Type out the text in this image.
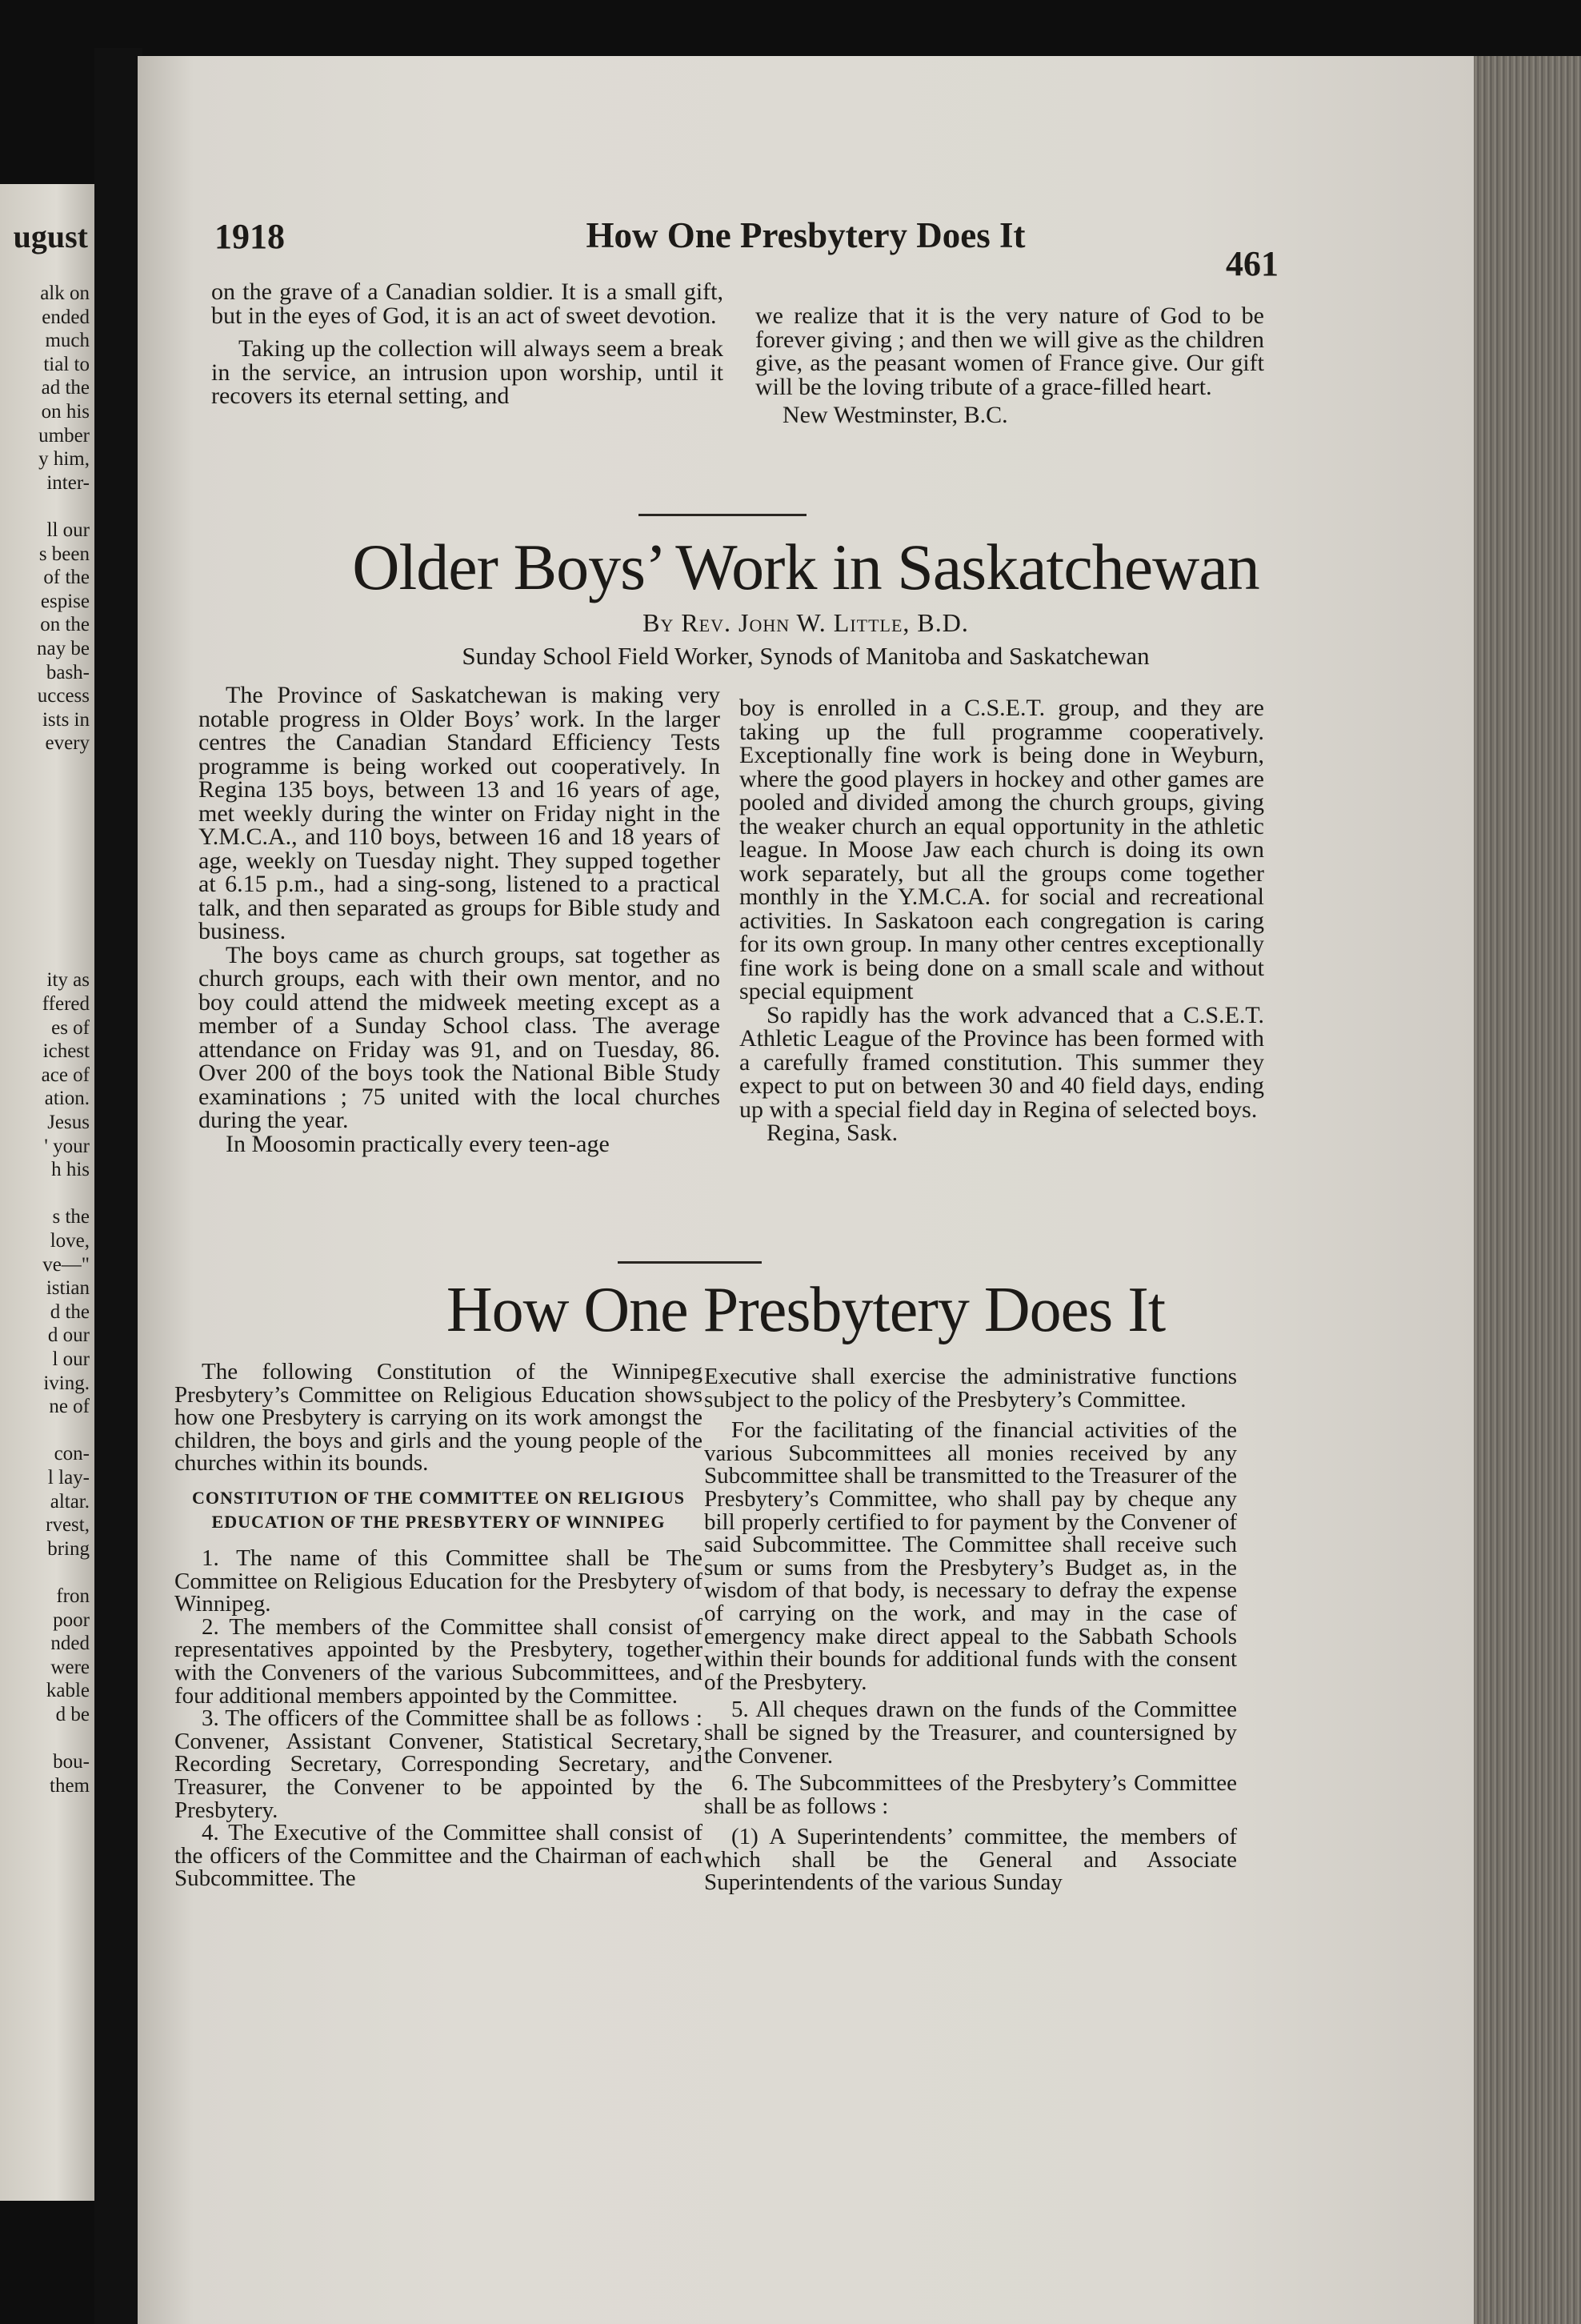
ugust
alk on
ended
much
tial to
ad the
on his
umber
y him,
inter-
ll our
s been
of the
espise
on the
nay be
bash-
uccess
ists in
every
ity as
ffered
es of
ichest
ace of
ation.
Jesus
' your
h his
s the
love,
ve—"
istian
d the
d our
l our
iving.
ne of
con-
l lay-
altar.
rvest,
bring
fron
poor
nded
were
kable
d be
bou-
them
1918	How One Presbytery Does It
461

on the grave of a Canadian soldier. It is a small gift, but in the eyes of God, it is an act of sweet devotion.

Taking up the collection will always seem a break in the service, an intrusion upon worship, until it recovers its eternal setting, and

we realize that it is the very nature of God to be forever giving ; and then we will give as the children give, as the peasant women of France give. Our gift will be the loving tribute of a grace-filled heart.

New Westminster, B.C.

Older Boys’ Work in Saskatchewan
By Rev. John W. Little, B.D.
Sunday School Field Worker, Synods of Manitoba and Saskatchewan

The Province of Saskatchewan is making very notable progress in Older Boys’ work. In the larger centres the Canadian Standard Efficiency Tests programme is being worked out cooperatively. In Regina 135 boys, between 13 and 16 years of age, met weekly during the winter on Friday night in the Y.M.C.A., and 110 boys, between 16 and 18 years of age, weekly on Tuesday night. They supped together at 6.15 p.m., had a sing-song, listened to a practical talk, and then separated as groups for Bible study and business.

The boys came as church groups, sat together as church groups, each with their own mentor, and no boy could attend the midweek meeting except as a member of a Sunday School class. The average attendance on Friday was 91, and on Tuesday, 86. Over 200 of the boys took the National Bible Study examinations ; 75 united with the local churches during the year.

In Moosomin practically every teen-age

boy is enrolled in a C.S.E.T. group, and they are taking up the full programme cooperatively. Exceptionally fine work is being done in Weyburn, where the good players in hockey and other games are pooled and divided among the church groups, giving the weaker church an equal opportunity in the athletic league. In Moose Jaw each church is doing its own work separately, but all the groups come together monthly in the Y.M.C.A. for social and recreational activities. In Saskatoon each congregation is caring for its own group. In many other centres exceptionally fine work is being done on a small scale and without special equipment

So rapidly has the work advanced that a C.S.E.T. Athletic League of the Province has been formed with a carefully framed constitution. This summer they expect to put on between 30 and 40 field days, ending up with a special field day in Regina of selected boys.

Regina, Sask.

How One Presbytery Does It

The following Constitution of the Winnipeg Presbytery’s Committee on Religious Education shows how one Presbytery is carrying on its work amongst the children, the boys and girls and the young people of the churches within its bounds.

CONSTITUTION OF THE COMMITTEE ON RELIGIOUS EDUCATION OF THE PRESBYTERY OF WINNIPEG

1. The name of this Committee shall be The Committee on Religious Education for the Presbytery of Winnipeg.

2. The members of the Committee shall consist of representatives appointed by the Presbytery, together with the Conveners of the various Subcommittees, and four additional members appointed by the Committee.

3. The officers of the Committee shall be as follows : Convener, Assistant Convener, Statistical Secretary, Recording Secretary, Corresponding Secretary, and Treasurer, the Convener to be appointed by the Presbytery.

4. The Executive of the Committee shall consist of the officers of the Committee and the Chairman of each Subcommittee. The

Executive shall exercise the administrative functions subject to the policy of the Presbytery’s Committee.

For the facilitating of the financial activities of the various Subcommittees all monies received by any Subcommittee shall be transmitted to the Treasurer of the Presbytery’s Committee, who shall pay by cheque any bill properly certified to for payment by the Convener of said Subcommittee. The Committee shall receive such sum or sums from the Presbytery’s Budget as, in the wisdom of that body, is necessary to defray the expense of carrying on the work, and may in the case of emergency make direct appeal to the Sabbath Schools within their bounds for additional funds with the consent of the Presbytery.

5. All cheques drawn on the funds of the Committee shall be signed by the Treasurer, and countersigned by the Convener.

6. The Subcommittees of the Presbytery’s Committee shall be as follows :

(1) A Superintendents’ committee, the members of which shall be the General and Associate Superintendents of the various Sunday
